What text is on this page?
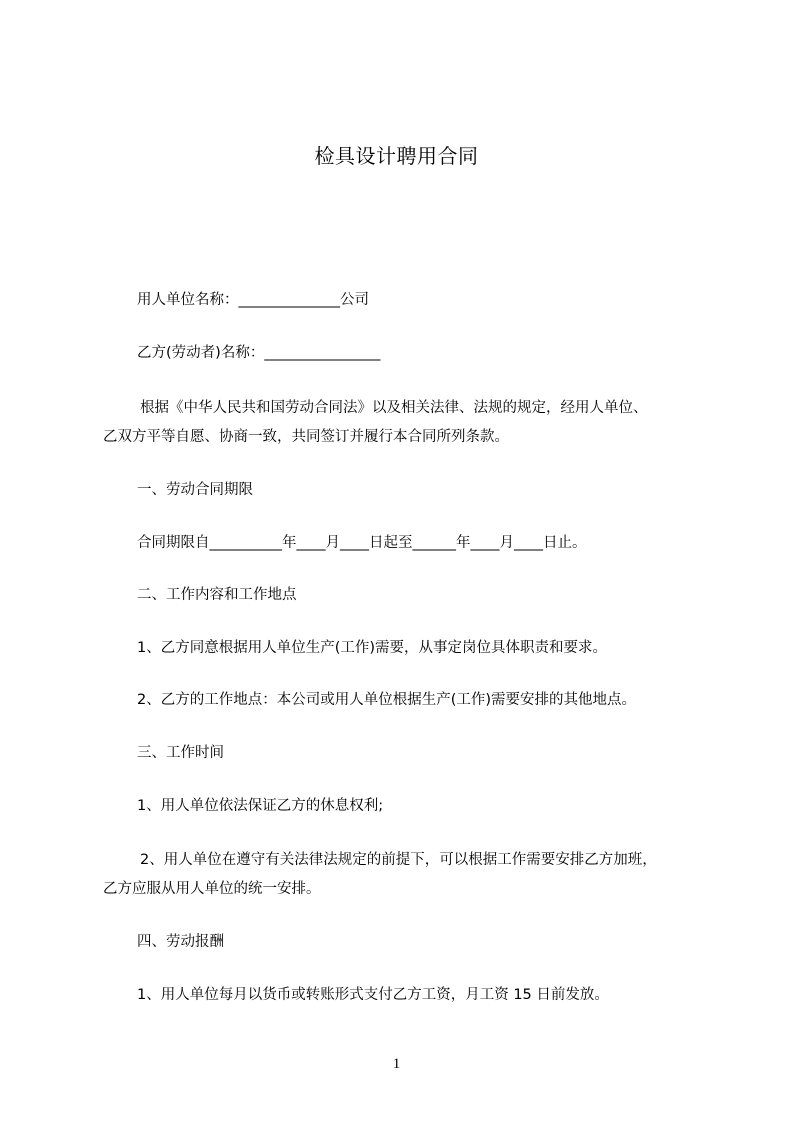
检具设计聘用合同
用人单位名称：______________公司
乙方(劳动者)名称：________________
根据《中华人民共和国劳动合同法》以及相关法律、法规的规定，经用人单位、
乙双方平等自愿、协商一致，共同签订并履行本合同所列条款。
一、劳动合同期限
合同期限自__________年____月____日起至______年____月____日止。
二、工作内容和工作地点
1、乙方同意根据用人单位生产(工作)需要，从事定岗位具体职责和要求。
2、乙方的工作地点：本公司或用人单位根据生产(工作)需要安排的其他地点。
三、工作时间
1、用人单位依法保证乙方的休息权利;
2、用人单位在遵守有关法律法规定的前提下，可以根据工作需要安排乙方加班，
乙方应服从用人单位的统一安排。
四、劳动报酬
1、用人单位每月以货币或转账形式支付乙方工资，月工资 15 日前发放。
1
